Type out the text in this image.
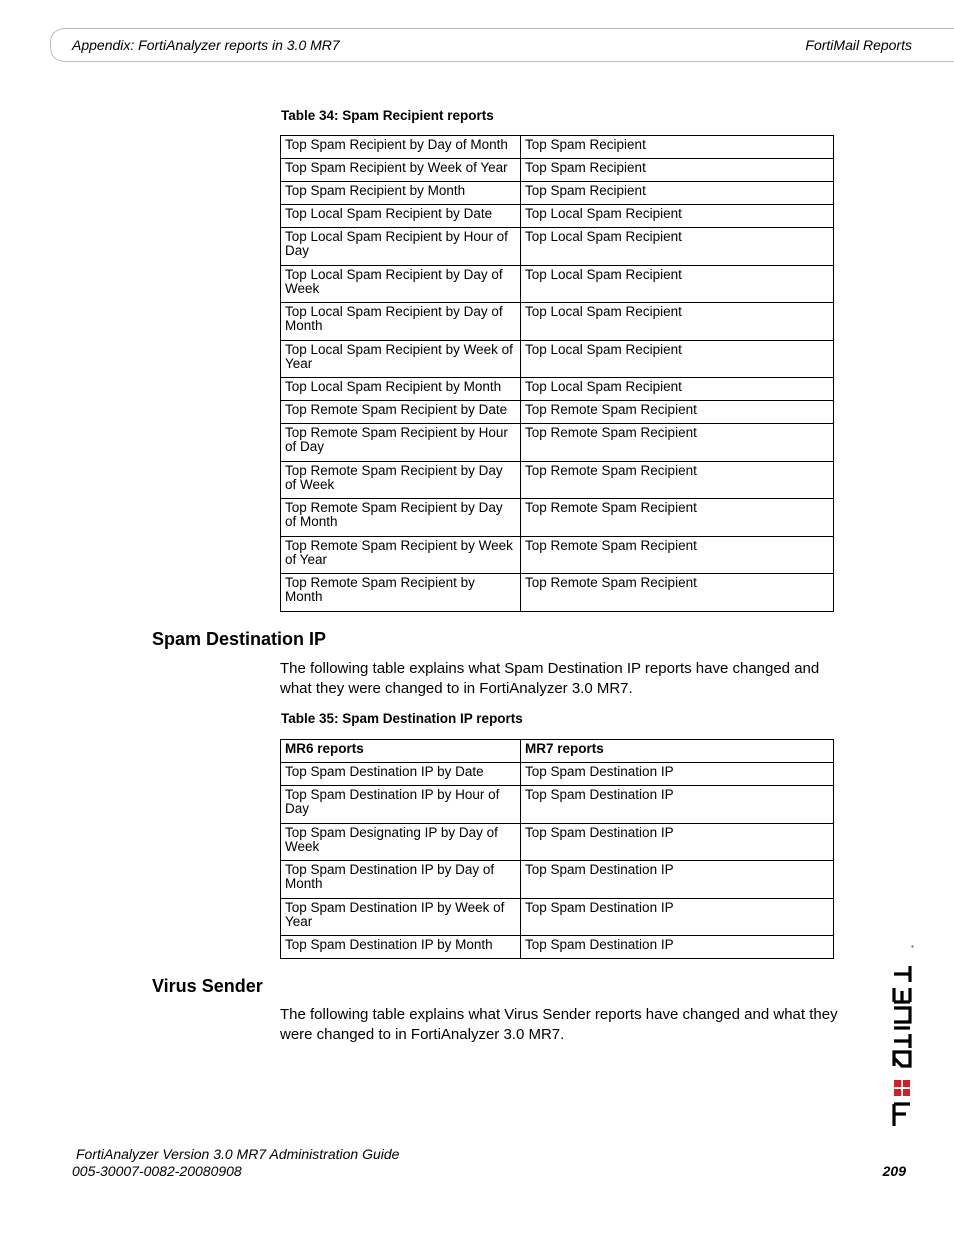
Appendix: FortiAnalyzer reports in 3.0 MR7	FortiMail Reports
Table 34: Spam Recipient reports
Top Spam Recipient by Day of Month	Top Spam Recipient
Top Spam Recipient by Week of Year	Top Spam Recipient
Top Spam Recipient by Month	Top Spam Recipient
Top Local Spam Recipient by Date	Top Local Spam Recipient
Top Local Spam Recipient by Hour of Day	Top Local Spam Recipient
Top Local Spam Recipient by Day of Week	Top Local Spam Recipient
Top Local Spam Recipient by Day of Month	Top Local Spam Recipient
Top Local Spam Recipient by Week of Year	Top Local Spam Recipient
Top Local Spam Recipient by Month	Top Local Spam Recipient
Top Remote Spam Recipient by Date	Top Remote Spam Recipient
Top Remote Spam Recipient by Hour of Day	Top Remote Spam Recipient
Top Remote Spam Recipient by Day of Week	Top Remote Spam Recipient
Top Remote Spam Recipient by Day of Month	Top Remote Spam Recipient
Top Remote Spam Recipient by Week of Year	Top Remote Spam Recipient
Top Remote Spam Recipient by Month	Top Remote Spam Recipient
Spam Destination IP
The following table explains what Spam Destination IP reports have changed and what they were changed to in FortiAnalyzer 3.0 MR7.
Table 35: Spam Destination IP reports
MR6 reports	MR7 reports
Top Spam Destination IP by Date	Top Spam Destination IP
Top Spam Destination IP by Hour of Day	Top Spam Destination IP
Top Spam Designating IP by Day of Week	Top Spam Destination IP
Top Spam Destination IP by Day of Month	Top Spam Destination IP
Top Spam Destination IP by Week of Year	Top Spam Destination IP
Top Spam Destination IP by Month	Top Spam Destination IP
Virus Sender
The following table explains what Virus Sender reports have changed and what they were changed to in FortiAnalyzer 3.0 MR7.
®
FortiAnalyzer Version 3.0 MR7 Administration Guide
005-30007-0082-20080908	209
